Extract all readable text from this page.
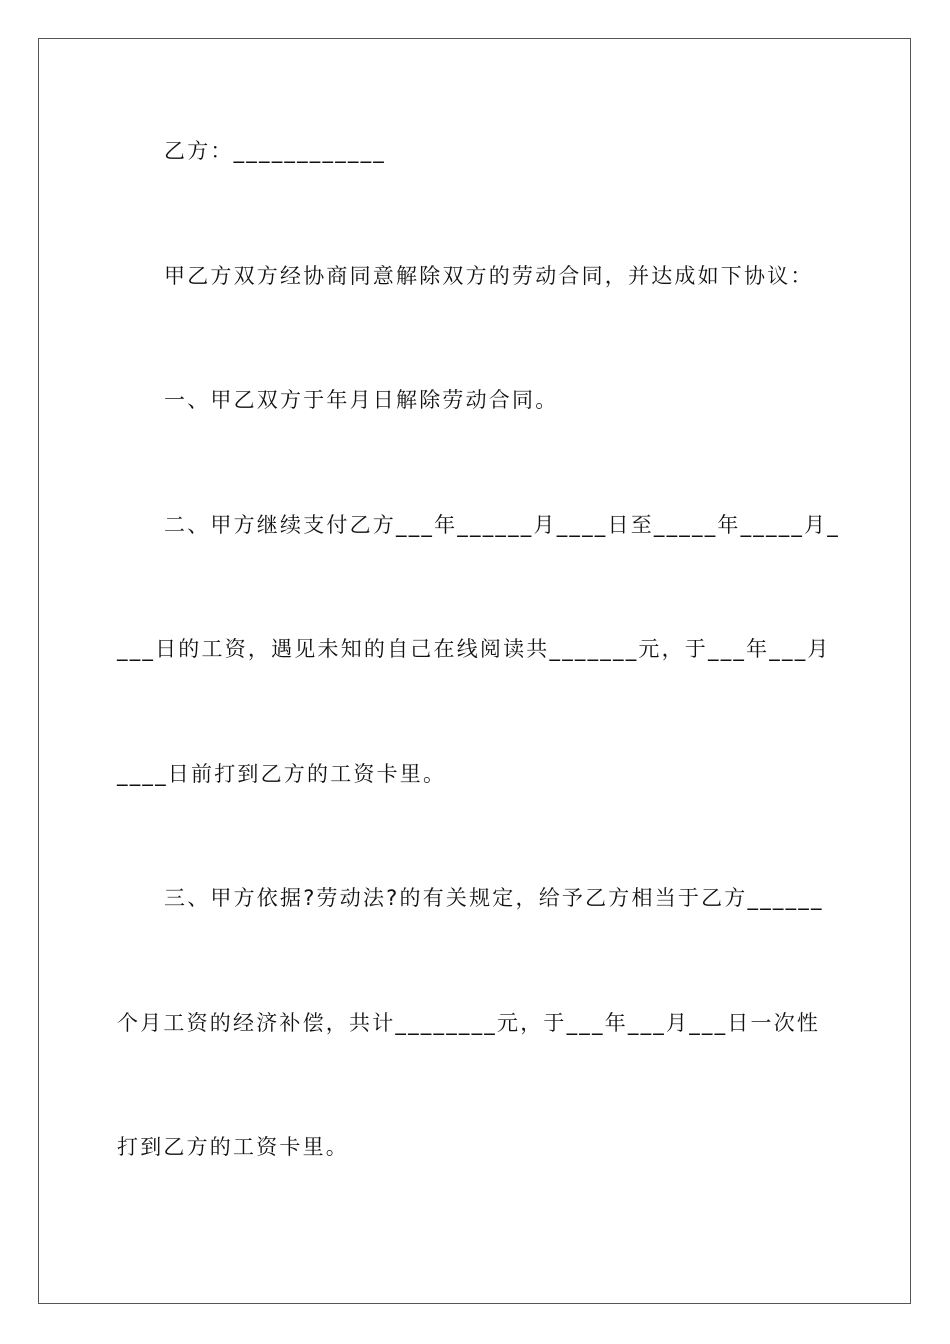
乙方：____________
甲乙方双方经协商同意解除双方的劳动合同，并达成如下协议：
一、甲乙双方于年月日解除劳动合同。
二、甲方继续支付乙方___年______月____日至_____年_____月_
___日的工资，遇见未知的自己在线阅读共_______元，于___年___月
____日前打到乙方的工资卡里。
三、甲方依据?劳动法?的有关规定，给予乙方相当于乙方______
个月工资的经济补偿，共计________元，于___年___月___日一次性
打到乙方的工资卡里。
